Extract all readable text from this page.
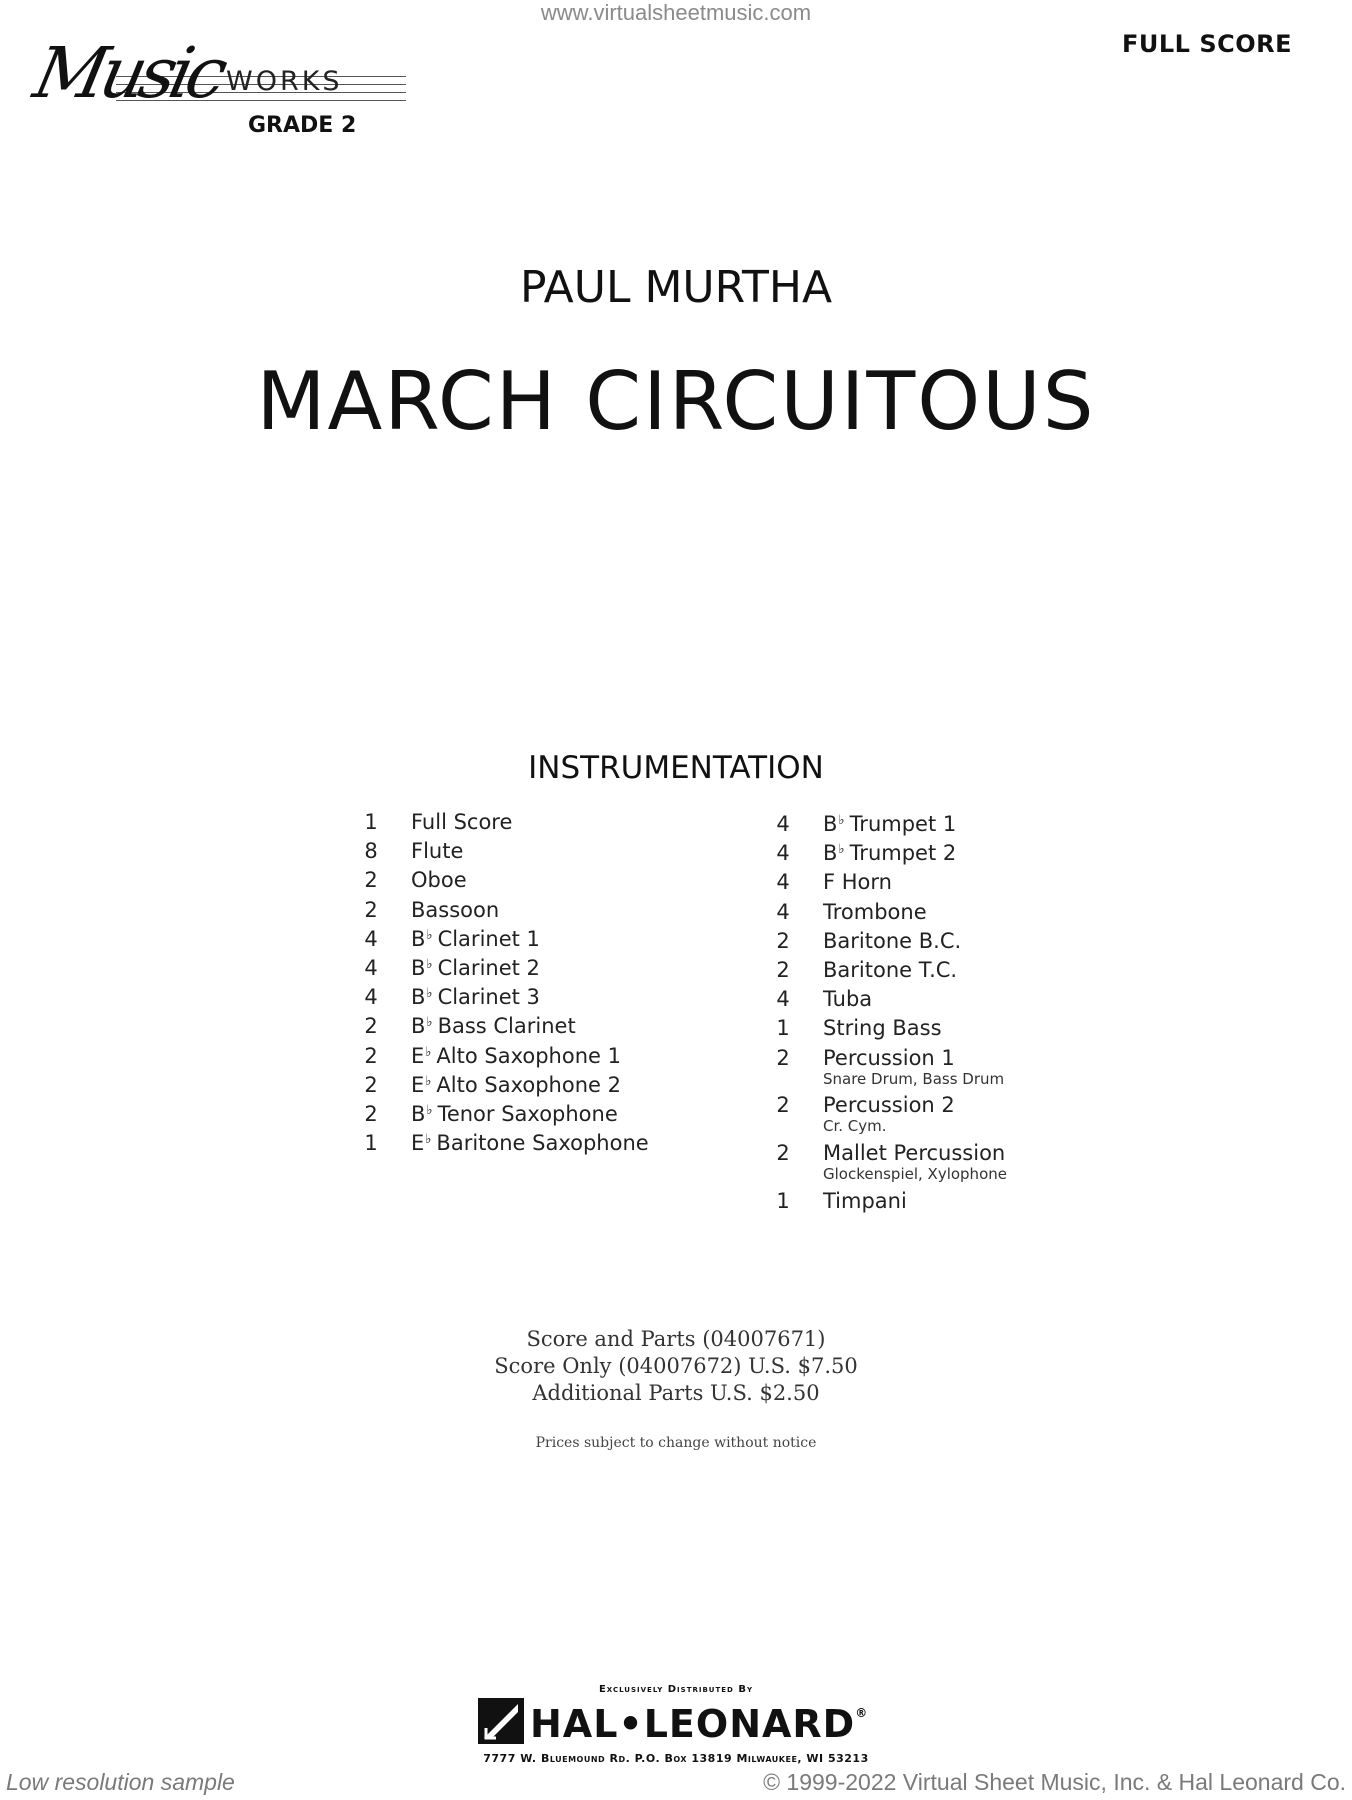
www.virtualsheetmusic.com
Music
WORKS
GRADE 2
FULL SCORE
PAUL MURTHA
MARCH CIRCUITOUS
INSTRUMENTATION
1	Full Score
8	Flute
2	Oboe
2	Bassoon
4	B♭ Clarinet 1
4	B♭ Clarinet 2
4	B♭ Clarinet 3
2	B♭ Bass Clarinet
2	E♭ Alto Saxophone 1
2	E♭ Alto Saxophone 2
2	B♭ Tenor Saxophone
1	E♭ Baritone Saxophone
4	B♭ Trumpet 1
4	B♭ Trumpet 2
4	F Horn
4	Trombone
2	Baritone B.C.
2	Baritone T.C.
4	Tuba
1	String Bass
2	Percussion 1
Snare Drum, Bass Drum
2	Percussion 2
Cr. Cym.
2	Mallet Percussion
Glockenspiel, Xylophone
1	Timpani
Score and Parts (04007671)
Score Only (04007672) U.S. $7.50
Additional Parts U.S. $2.50
Prices subject to change without notice
Exclusively Distributed By
HAL•LEONARD®
7777 W. Bluemound Rd. P.O. Box 13819 Milwaukee, WI 53213
Low resolution sample	© 1999-2022 Virtual Sheet Music, Inc. & Hal Leonard Co.
